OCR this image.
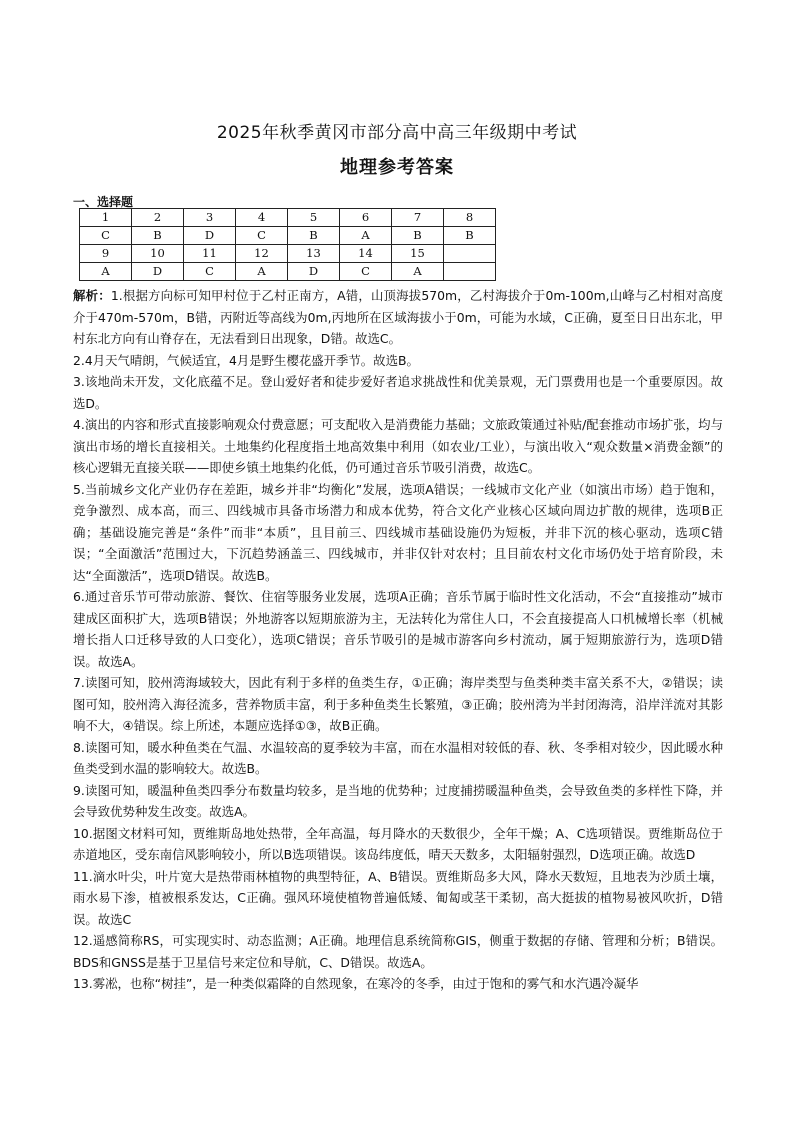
2025年秋季黄冈市部分高中高三年级期中考试
地理参考答案
一、选择题
1	2	3	4	5	6	7	8
C	B	D	C	B	A	B	B
9	10	11	12	13	14	15	
A	D	C	A	D	C	A	

解析：1.根据方向标可知甲村位于乙村正南方，A错，山顶海拔570m，乙村海拔介于0m-100m,山峰与乙村相对高度介于470m-570m，B错，丙附近等高线为0m,丙地所在区域海拔小于0m，可能为水域，C正确，夏至日日出东北，甲村东北方向有山脊存在，无法看到日出现象，D错。故选C。

2.4月天气晴朗，气候适宜，4月是野生樱花盛开季节。故选B。

3.该地尚未开发，文化底蕴不足。登山爱好者和徒步爱好者追求挑战性和优美景观，无门票费用也是一个重要原因。故选D。

4.演出的内容和形式直接影响观众付费意愿；可支配收入是消费能力基础；文旅政策通过补贴/配套推动市场扩张，均与演出市场的增长直接相关。土地集约化程度指土地高效集中利用（如农业/工业），与演出收入“观众数量×消费金额”的核心逻辑无直接关联——即使乡镇土地集约化低，仍可通过音乐节吸引消费，故选C。

5.当前城乡文化产业仍存在差距，城乡并非“均衡化”发展，选项A错误；一线城市文化产业（如演出市场）趋于饱和，竞争激烈、成本高，而三、四线城市具备市场潜力和成本优势，符合文化产业核心区域向周边扩散的规律，选项B正确；基础设施完善是“条件”而非“本质”，且目前三、四线城市基础设施仍为短板，并非下沉的核心驱动，选项C错误；“全面激活”范围过大，下沉趋势涵盖三、四线城市，并非仅针对农村；且目前农村文化市场仍处于培育阶段，未达“全面激活”，选项D错误。故选B。

6.通过音乐节可带动旅游、餐饮、住宿等服务业发展，选项A正确；音乐节属于临时性文化活动，不会“直接推动”城市建成区面积扩大，选项B错误；外地游客以短期旅游为主，无法转化为常住人口，不会直接提高人口机械增长率（机械增长指人口迁移导致的人口变化），选项C错误；音乐节吸引的是城市游客向乡村流动，属于短期旅游行为，选项D错误。故选A。

7.读图可知，胶州湾海域较大，因此有利于多样的鱼类生存，①正确；海岸类型与鱼类种类丰富关系不大，②错误；读图可知，胶州湾入海径流多，营养物质丰富，利于多种鱼类生长繁殖，③正确；胶州湾为半封闭海湾，沿岸洋流对其影响不大，④错误。综上所述，本题应选择①③，故B正确。

8.读图可知，暖水种鱼类在气温、水温较高的夏季较为丰富，而在水温相对较低的春、秋、冬季相对较少，因此暖水种鱼类受到水温的影响较大。故选B。

9.读图可知，暖温种鱼类四季分布数量均较多，是当地的优势种；过度捕捞暖温种鱼类，会导致鱼类的多样性下降，并会导致优势种发生改变。故选A。

10.据图文材料可知，贾维斯岛地处热带，全年高温，每月降水的天数很少，全年干燥；A、C选项错误。贾维斯岛位于赤道地区，受东南信风影响较小，所以B选项错误。该岛纬度低，晴天天数多，太阳辐射强烈，D选项正确。故选D

11.滴水叶尖，叶片宽大是热带雨林植物的典型特征，A、B错误。贾维斯岛多大风，降水天数短，且地表为沙质土壤，雨水易下渗，植被根系发达，C正确。强风环境使植物普遍低矮、匍匐或茎干柔韧，高大挺拔的植物易被风吹折，D错误。故选C

12.遥感简称RS，可实现实时、动态监测；A正确。地理信息系统简称GIS，侧重于数据的存储、管理和分析；B错误。BDS和GNSS是基于卫星信号来定位和导航，C、D错误。故选A。

13.雾凇，也称“树挂”，是一种类似霜降的自然现象，在寒冷的冬季，由过于饱和的雾气和水汽遇冷凝华
